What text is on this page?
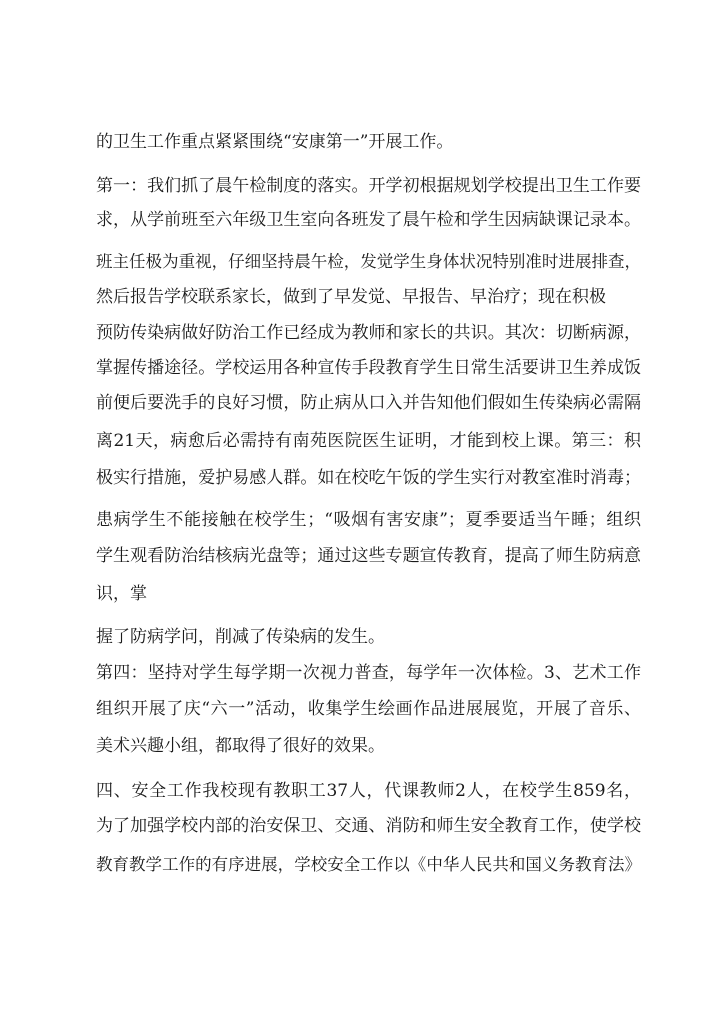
的卫生工作重点紧紧围绕“安康第一”开展工作。
第一：我们抓了晨午检制度的落实。开学初根据规划学校提出卫生工作要
求，从学前班至六年级卫生室向各班发了晨午检和学生因病缺课记录本。
班主任极为重视，仔细坚持晨午检，发觉学生身体状况特别准时进展排查，
然后报告学校联系家长，做到了早发觉、早报告、早治疗；现在积极
预防传染病做好防治工作已经成为教师和家长的共识。其次：切断病源，
掌握传播途径。学校运用各种宣传手段教育学生日常生活要讲卫生养成饭
前便后要洗手的良好习惯，防止病从口入并告知他们假如生传染病必需隔
离21天，病愈后必需持有南苑医院医生证明，才能到校上课。第三：积
极实行措施，爱护易感人群。如在校吃午饭的学生实行对教室准时消毒；
患病学生不能接触在校学生；“吸烟有害安康”；夏季要适当午睡；组织
学生观看防治结核病光盘等；通过这些专题宣传教育，提高了师生防病意
识，掌
握了防病学问，削减了传染病的发生。
第四：坚持对学生每学期一次视力普查，每学年一次体检。3、艺术工作
组织开展了庆“六一”活动，收集学生绘画作品进展展览，开展了音乐、
美术兴趣小组，都取得了很好的效果。
四、安全工作我校现有教职工37人，代课教师2人，在校学生859名，
为了加强学校内部的治安保卫、交通、消防和师生安全教育工作，使学校
教育教学工作的有序进展，学校安全工作以《中华人民共和国义务教育法》
